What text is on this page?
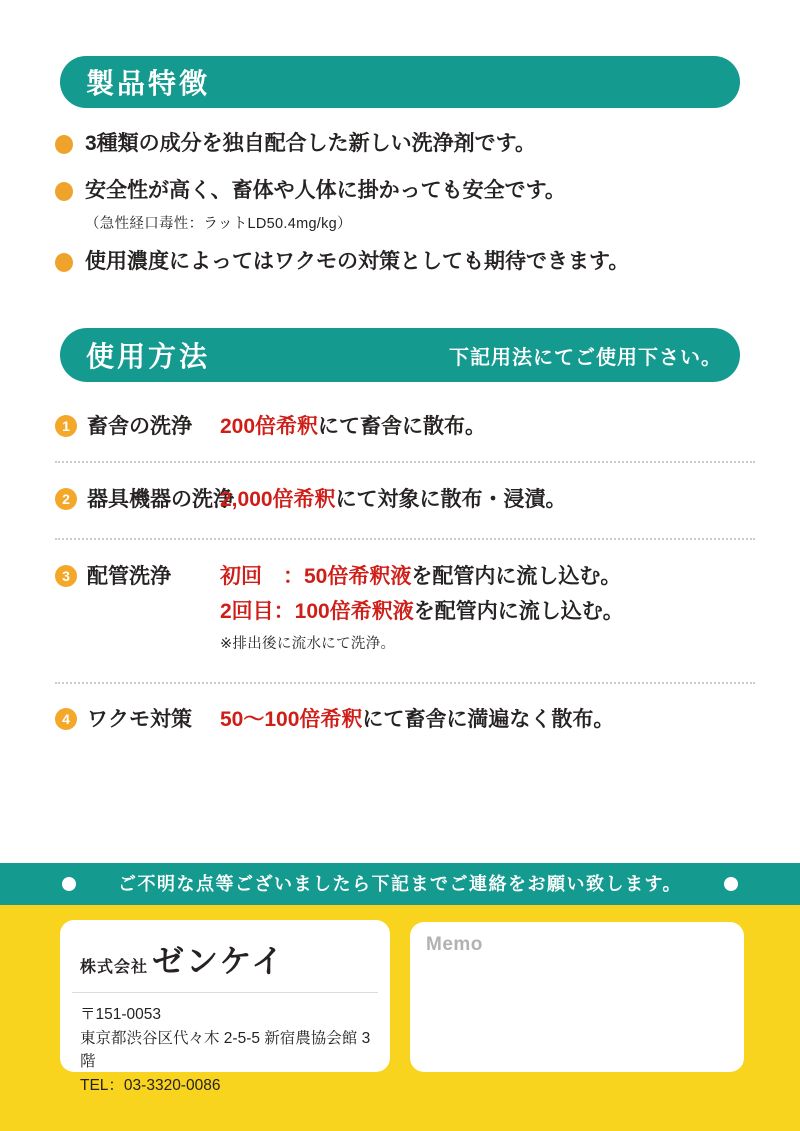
製品特徴
3種類の成分を独自配合した新しい洗浄剤です。
安全性が高く、畜体や人体に掛かっても安全です。
（急性経口毒性：ラットLD50.4mg/kg）
使用濃度によってはワクモの対策としても期待できます。
使用方法	下記用法にてご使用下さい。
1 畜舎の洗浄 200倍希釈にて畜舎に散布。
2 器具機器の洗浄
2,000倍希釈にて対象に散布・浸漬。
3 配管洗浄 初回　：50倍希釈液を配管内に流し込む。
2回目：100倍希釈液を配管内に流し込む。
※排出後に流水にて洗浄。
4 ワクモ対策 50〜100倍希釈にて畜舎に満遍なく散布。
ご不明な点等ございましたら下記までご連絡をお願い致します。
株式会社 ゼンケイ
〒151-0053
東京都渋谷区代々木 2-5-5 新宿農協会館 3階
TEL：03-3320-0086
Memo
